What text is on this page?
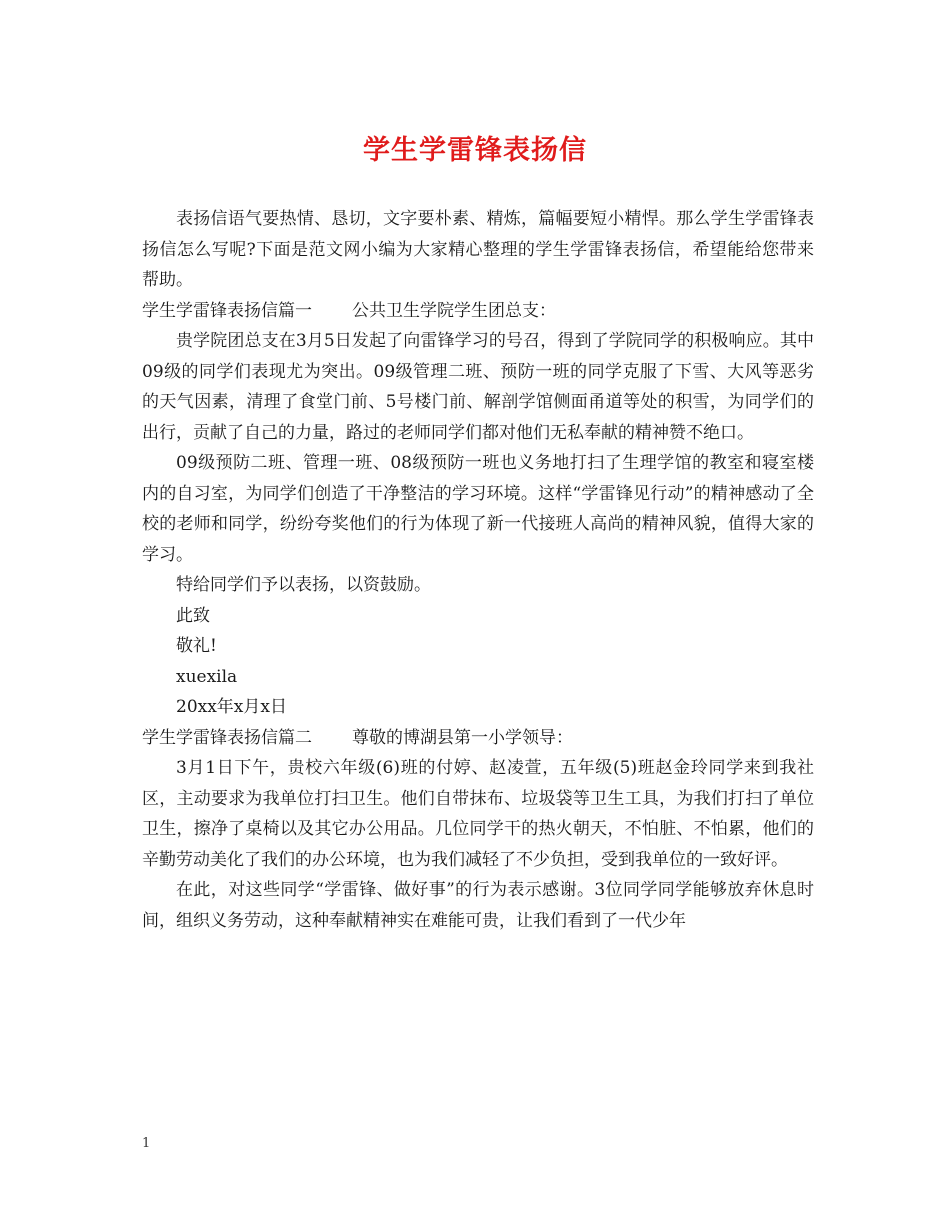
学生学雷锋表扬信

表扬信语气要热情、恳切，文字要朴素、精炼，篇幅要短小精悍。那么学生学雷锋表扬信怎么写呢?下面是范文网小编为大家精心整理的学生学雷锋表扬信，希望能给您带来帮助。

学生学雷锋表扬信篇一 公共卫生学院学生团总支：

贵学院团总支在3月5日发起了向雷锋学习的号召，得到了学院同学的积极响应。其中09级的同学们表现尤为突出。09级管理二班、预防一班的同学克服了下雪、大风等恶劣的天气因素，清理了食堂门前、5号楼门前、解剖学馆侧面甬道等处的积雪，为同学们的出行，贡献了自己的力量，路过的老师同学们都对他们无私奉献的精神赞不绝口。

09级预防二班、管理一班、08级预防一班也义务地打扫了生理学馆的教室和寝室楼内的自习室，为同学们创造了干净整洁的学习环境。这样“学雷锋见行动”的精神感动了全校的老师和同学，纷纷夸奖他们的行为体现了新一代接班人高尚的精神风貌，值得大家的学习。

特给同学们予以表扬，以资鼓励。

此致

敬礼!

xuexila

20xx年x月x日

学生学雷锋表扬信篇二 尊敬的博湖县第一小学领导：

3月1日下午，贵校六年级(6)班的付婷、赵凌萱，五年级(5)班赵金玲同学来到我社区，主动要求为我单位打扫卫生。他们自带抹布、垃圾袋等卫生工具，为我们打扫了单位卫生，擦净了桌椅以及其它办公用品。几位同学干的热火朝天，不怕脏、不怕累，他们的辛勤劳动美化了我们的办公环境，也为我们减轻了不少负担，受到我单位的一致好评。

在此，对这些同学“学雷锋、做好事”的行为表示感谢。3位同学同学能够放弃休息时间，组织义务劳动，这种奉献精神实在难能可贵，让我们看到了一代少年

1
